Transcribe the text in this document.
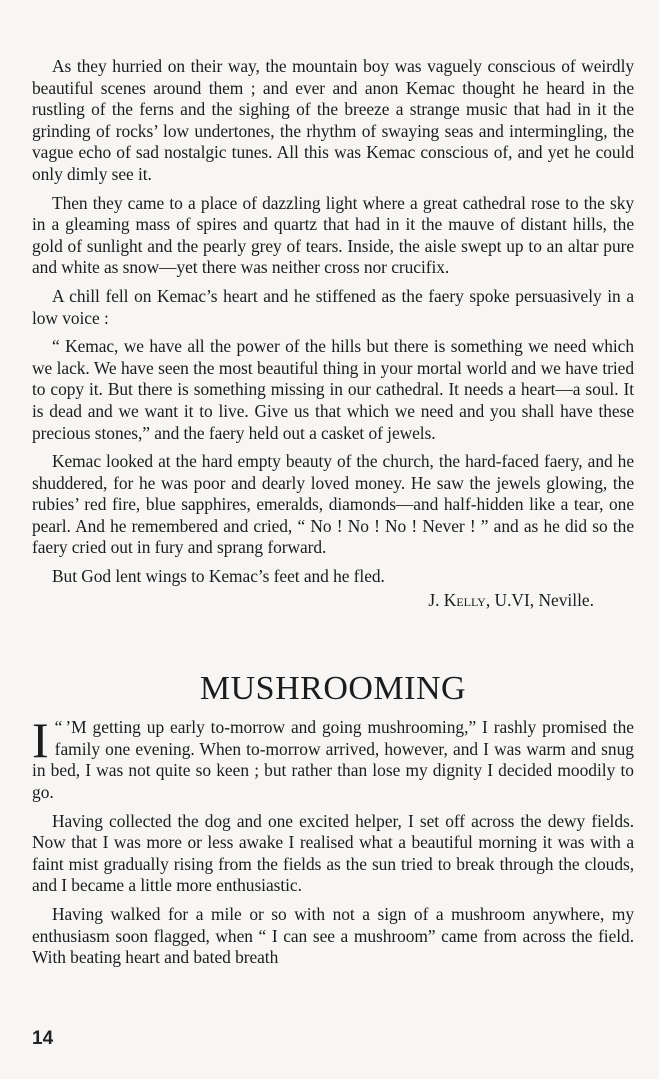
As they hurried on their way, the mountain boy was vaguely conscious of weirdly beautiful scenes around them ; and ever and anon Kemac thought he heard in the rustling of the ferns and the sighing of the breeze a strange music that had in it the grinding of rocks’ low undertones, the rhythm of swaying seas and intermingling, the vague echo of sad nostalgic tunes. All this was Kemac conscious of, and yet he could only dimly see it.

Then they came to a place of dazzling light where a great cathedral rose to the sky in a gleaming mass of spires and quartz that had in it the mauve of distant hills, the gold of sunlight and the pearly grey of tears. Inside, the aisle swept up to an altar pure and white as snow—yet there was neither cross nor crucifix.

A chill fell on Kemac’s heart and he stiffened as the faery spoke persuasively in a low voice :

“ Kemac, we have all the power of the hills but there is something we need which we lack. We have seen the most beautiful thing in your mortal world and we have tried to copy it. But there is something missing in our cathedral. It needs a heart—a soul. It is dead and we want it to live. Give us that which we need and you shall have these precious stones,” and the faery held out a casket of jewels.

Kemac looked at the hard empty beauty of the church, the hard-faced faery, and he shuddered, for he was poor and dearly loved money. He saw the jewels glowing, the rubies’ red fire, blue sapphires, emeralds, diamonds—and half-hidden like a tear, one pearl. And he remembered and cried, “ No ! No ! No ! Never ! ” and as he did so the faery cried out in fury and sprang forward.

But God lent wings to Kemac’s feet and he fled.

J. Kelly, U.VI, Neville.

MUSHROOMING

“
I ’M getting up early to-morrow and going mushrooming,” I rashly promised the family one evening. When to-morrow arrived, however, and I was warm and snug in bed, I was not quite so keen ; but rather than lose my dignity I decided moodily to go.

Having collected the dog and one excited helper, I set off across the dewy fields. Now that I was more or less awake I realised what a beautiful morning it was with a faint mist gradually rising from the fields as the sun tried to break through the clouds, and I became a little more enthusiastic.

Having walked for a mile or so with not a sign of a mushroom anywhere, my enthusiasm soon flagged, when “ I can see a mushroom” came from across the field. With beating heart and bated breath

14
